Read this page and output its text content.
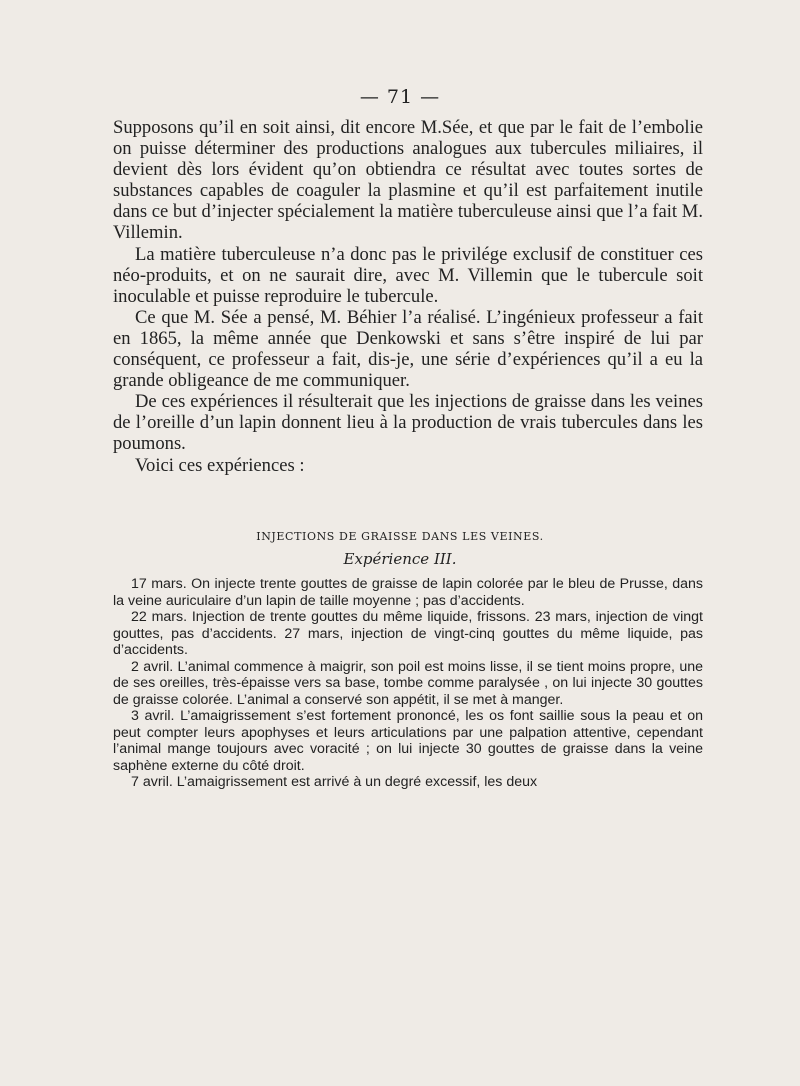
— 71 —

Supposons qu’il en soit ainsi, dit encore M.Sée, et que par le fait de l’embolie on puisse déterminer des productions analogues aux tubercules miliaires, il devient dès lors évident qu’on obtiendra ce résultat avec toutes sortes de substances capables de coaguler la plasmine et qu’il est parfaitement inutile dans ce but d’injecter spécialement la matière tuberculeuse ainsi que l’a fait M. Villemin.

La matière tuberculeuse n’a donc pas le privilége exclusif de constituer ces néo-produits, et on ne saurait dire, avec M. Villemin que le tubercule soit inoculable et puisse reproduire le tubercule.

Ce que M. Sée a pensé, M. Béhier l’a réalisé. L’ingénieux professeur a fait en 1865, la même année que Denkowski et sans s’être inspiré de lui par conséquent, ce professeur a fait, dis-je, une série d’expériences qu’il a eu la grande obligeance de me communiquer.

De ces expériences il résulterait que les injections de graisse dans les veines de l’oreille d’un lapin donnent lieu à la production de vrais tubercules dans les poumons.

Voici ces expériences :

INJECTIONS DE GRAISSE DANS LES VEINES.
Expérience III.

17 mars. On injecte trente gouttes de graisse de lapin colorée par le bleu de Prusse, dans la veine auriculaire d’un lapin de taille moyenne ; pas d’accidents.

22 mars. Injection de trente gouttes du même liquide, frissons. 23 mars, injection de vingt gouttes, pas d’accidents. 27 mars, injection de vingt-cinq gouttes du même liquide, pas d’accidents.

2 avril. L’animal commence à maigrir, son poil est moins lisse, il se tient moins propre, une de ses oreilles, très-épaisse vers sa base, tombe comme paralysée , on lui injecte 30 gouttes de graisse colorée. L’animal a conservé son appétit, il se met à manger.

3 avril. L’amaigrissement s’est fortement prononcé, les os font saillie sous la peau et on peut compter leurs apophyses et leurs articulations par une palpation attentive, cependant l’animal mange toujours avec voracité ; on lui injecte 30 gouttes de graisse dans la veine saphène externe du côté droit.

7 avril. L’amaigrissement est arrivé à un degré excessif, les deux
